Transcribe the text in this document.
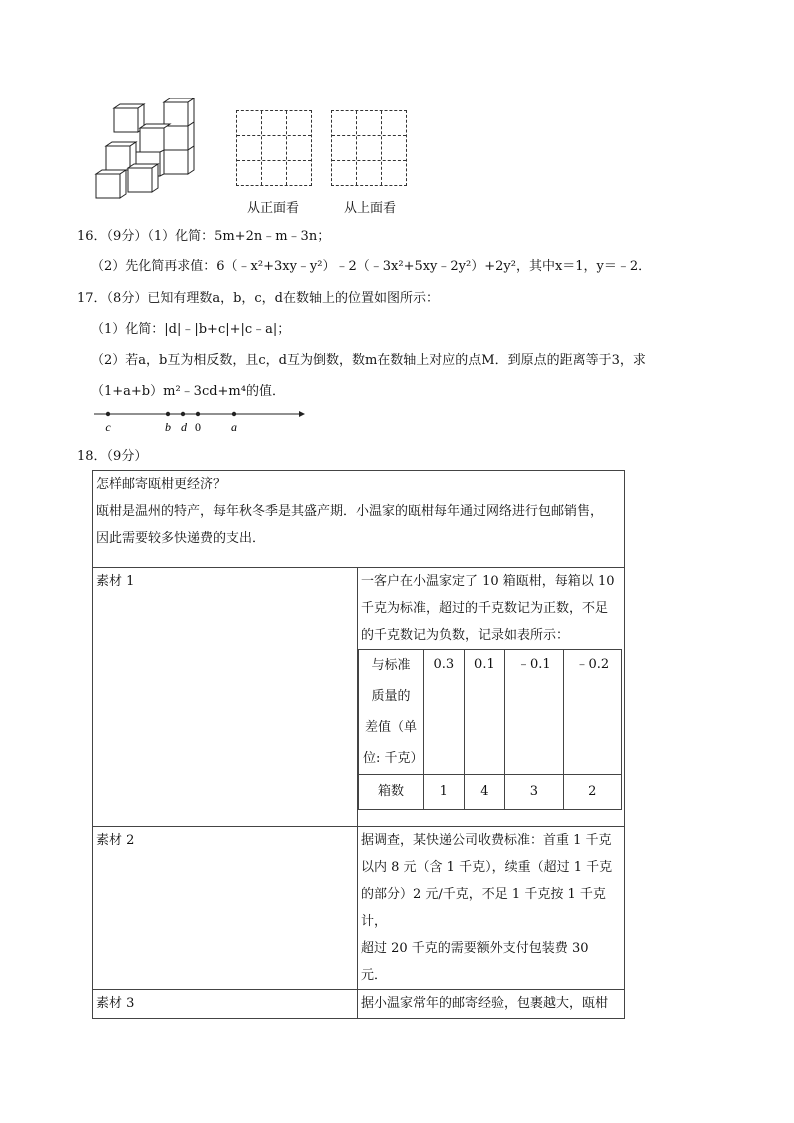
从正面看	从上面看
16．（9分）（1）化简：5m+2n﹣m﹣3n；
（2）先化简再求值：6（﹣x²+3xy﹣y²）﹣2（﹣3x²+5xy﹣2y²）+2y²，其中x＝1，y＝﹣2．
17．（8分）已知有理数a，b，c，d在数轴上的位置如图所示：
（1）化简：|d|﹣|b+c|+|c﹣a|；
（2）若a，b互为相反数，且c，d互为倒数，数m在数轴上对应的点M．到原点的距离等于3，求
（1+a+b）m²﹣3cd+m⁴的值．
c	b d 0	a
18．（9分）
怎样邮寄瓯柑更经济？
瓯柑是温州的特产，每年秋冬季是其盛产期．小温家的瓯柑每年通过网络进行包邮销售，
因此需要较多快递费的支出．

素材 1	一客户在小温家定了 10 箱瓯柑，每箱以 10
千克为标准，超过的千克数记为正数，不足
的千克数记为负数，记录如表所示：
与标准
质量的
差值（单
位: 千克）
	0.3	0.1	﹣0.1	﹣0.2
箱数	1	4	3	2

素材 2	据调查，某快递公司收费标准：首重 1 千克
以内 8 元（含 1 千克），续重（超过 1 千克
的部分）2 元/千克，不足 1 千克按 1 千克计，
超过 20 千克的需要额外支付包装费 30
元．

素材 3	据小温家常年的邮寄经验，包裹越大，瓯柑
